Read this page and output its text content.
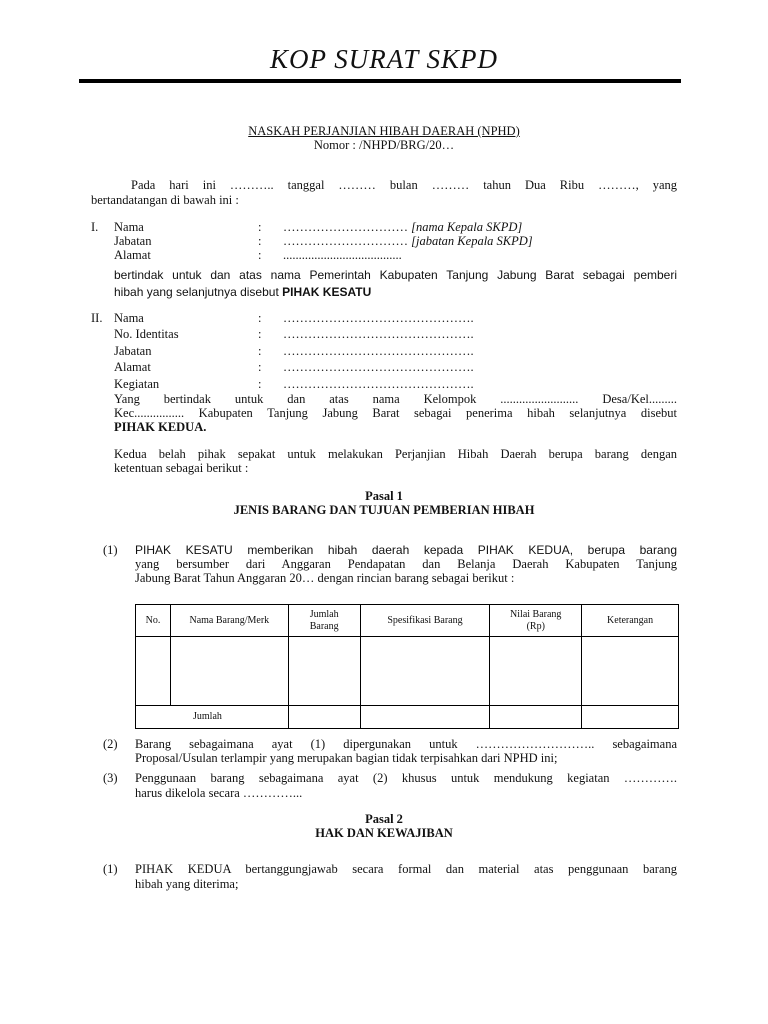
KOP SURAT SKPD
NASKAH PERJANJIAN HIBAH DAERAH (NPHD)
Nomor : /NHPD/BRG/20…
Pada hari ini ……….. tanggal ……… bulan ……… tahun Dua Ribu ………, yang
bertandatangan di bawah ini :
I. Nama	: ………………………… [nama Kepala SKPD]
Jabatan	: ………………………… [jabatan Kepala SKPD]
Alamat	: ......................................
bertindak untuk dan atas nama Pemerintah Kabupaten Tanjung Jabung Barat sebagai pemberi
hibah yang selanjutnya disebut PIHAK KESATU
II. Nama	: ……………………………………….
No. Identitas	: ……………………………………….
Jabatan	: ……………………………………….
Alamat	: ……………………………………….
Kegiatan	: ……………………………………….
Yang bertindak untuk dan atas nama Kelompok ......................... Desa/Kel.........
Kec................ Kabupaten Tanjung Jabung Barat sebagai penerima hibah selanjutnya disebut
PIHAK KEDUA.
Kedua belah pihak sepakat untuk melakukan Perjanjian Hibah Daerah berupa barang dengan
ketentuan sebagai berikut :
Pasal 1
JENIS BARANG DAN TUJUAN PEMBERIAN HIBAH
(1) PIHAK KESATU memberikan hibah daerah kepada PIHAK KEDUA, berupa barang
yang bersumber dari Anggaran Pendapatan dan Belanja Daerah Kabupaten Tanjung
Jabung Barat Tahun Anggaran 20… dengan rincian barang sebagai berikut :
No.	Nama Barang/Merk	Jumlah Barang	Spesifikasi Barang	Nilai Barang (Rp)	Keterangan

Jumlah					
(2) Barang sebagaimana ayat (1) dipergunakan untuk ……………………….. sebagaimana
Proposal/Usulan terlampir yang merupakan bagian tidak terpisahkan dari NPHD ini;
(3) Penggunaan barang sebagaimana ayat (2) khusus untuk mendukung kegiatan ………….
harus dikelola secara …………...
Pasal 2
HAK DAN KEWAJIBAN
(1) PIHAK KEDUA bertanggungjawab secara formal dan material atas penggunaan barang
hibah yang diterima;
